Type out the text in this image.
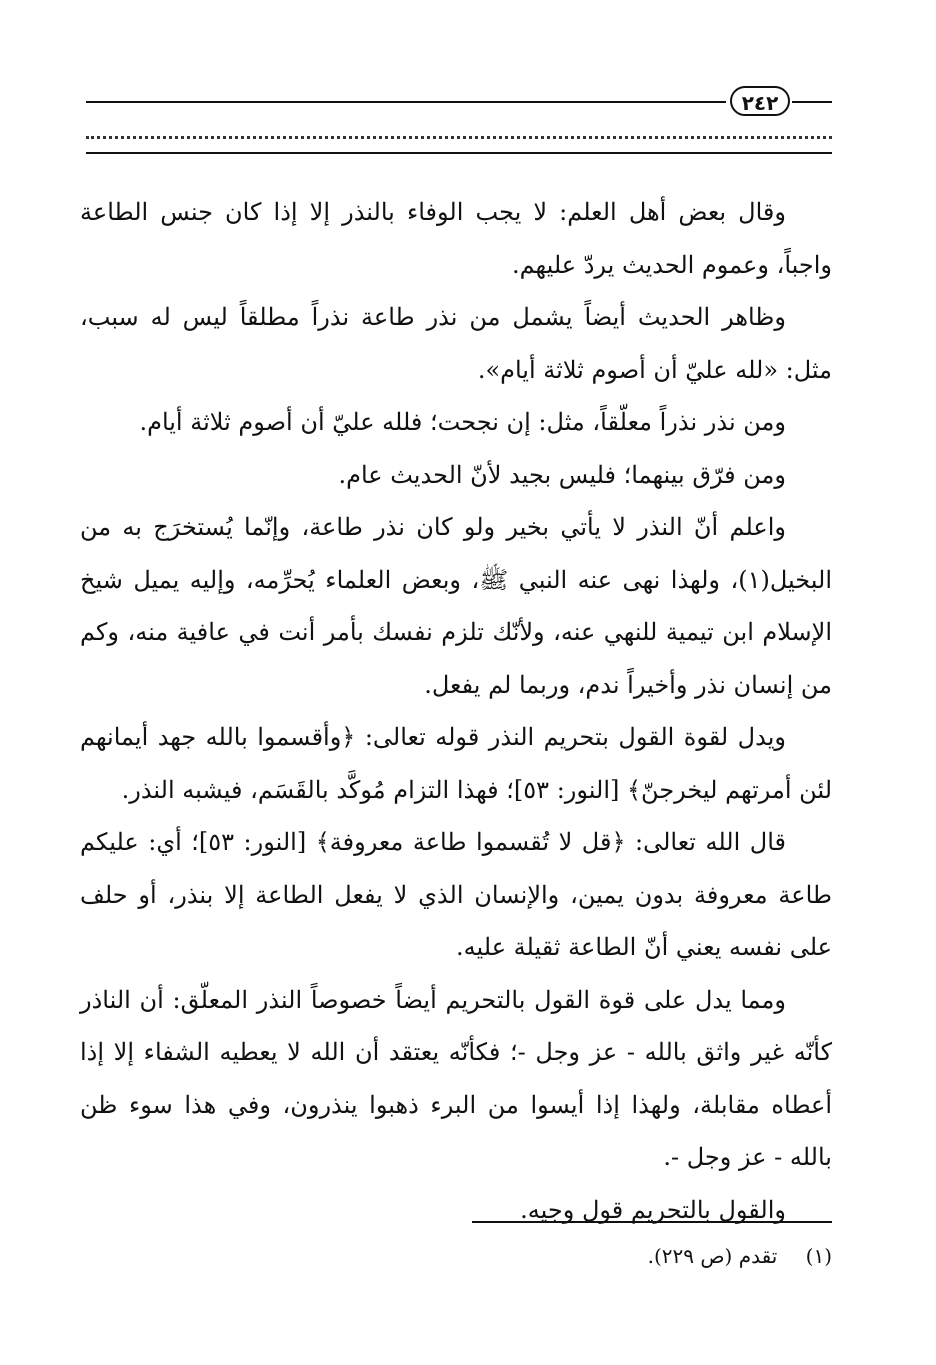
٢٤٢

وقال بعض أهل العلم: لا يجب الوفاء بالنذر إلا إذا كان جنس الطاعة واجباً، وعموم الحديث يردّ عليهم.

وظاهر الحديث أيضاً يشمل من نذر طاعة نذراً مطلقاً ليس له سبب، مثل: «لله عليّ أن أصوم ثلاثة أيام».

ومن نذر نذراً معلّقاً، مثل: إن نجحت؛ فلله عليّ أن أصوم ثلاثة أيام.

ومن فرّق بينهما؛ فليس بجيد لأنّ الحديث عام.

واعلم أنّ النذر لا يأتي بخير ولو كان نذر طاعة، وإنّما يُستخرَج به من البخيل(١)، ولهذا نهى عنه النبي ﷺ، وبعض العلماء يُحرِّمه، وإليه يميل شيخ الإسلام ابن تيمية للنهي عنه، ولأنّك تلزم نفسك بأمر أنت في عافية منه، وكم من إنسان نذر وأخيراً ندم، وربما لم يفعل.

ويدل لقوة القول بتحريم النذر قوله تعالى: ﴿وأقسموا بالله جهد أيمانهم لئن أمرتهم ليخرجنّ﴾ [النور: ٥٣]؛ فهذا التزام مُوكَّد بالقَسَم، فيشبه النذر.

قال الله تعالى: ﴿قل لا تُقسموا طاعة معروفة﴾ [النور: ٥٣]؛ أي: عليكم طاعة معروفة بدون يمين، والإنسان الذي لا يفعل الطاعة إلا بنذر، أو حلف على نفسه يعني أنّ الطاعة ثقيلة عليه.

ومما يدل على قوة القول بالتحريم أيضاً خصوصاً النذر المعلّق: أن الناذر كأنّه غير واثق بالله - عز وجل -؛ فكأنّه يعتقد أن الله لا يعطيه الشفاء إلا إذا أعطاه مقابلة، ولهذا إذا أيسوا من البرء ذهبوا ينذرون، وفي هذا سوء ظن بالله - عز وجل -.

والقول بالتحريم قول وجيه.

(١) تقدم (ص ٢٢٩).
